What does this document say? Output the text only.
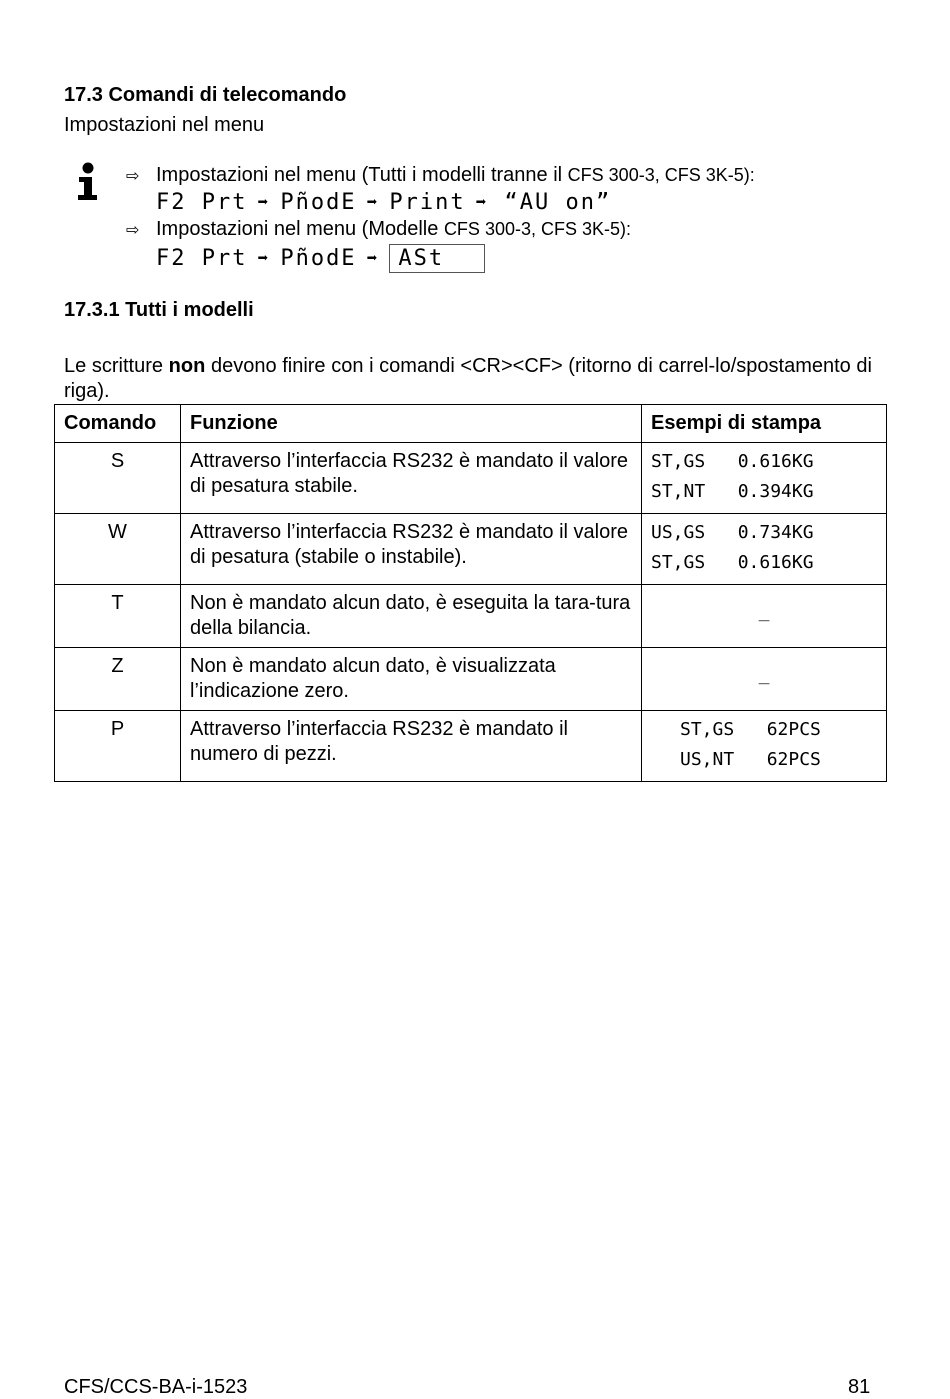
17.3 Comandi di telecomando
Impostazioni nel menu
⇨ Impostazioni nel menu (Tutti i modelli tranne il CFS 300-3, CFS 3K-5):
F2 Prt ➡ PñodE ➡ Print ➡ “AU on”
⇨ Impostazioni nel menu (Modelle CFS 300-3, CFS 3K-5):
F2 Prt ➡ PñodE ➡ ASt
17.3.1 Tutti i modelli
Le scritture non devono finire con i comandi <CR><CF> (ritorno di carrel-lo/spostamento di riga).
Comando	Funzione	Esempi di stampa
S	Attraverso l’interfaccia RS232 è mandato il valore di pesatura stabile.	ST,GS   0.616KG
ST,NT   0.394KG

W	Attraverso l’interfaccia RS232 è mandato il valore di pesatura (stabile o instabile).	US,GS   0.734KG
ST,GS   0.616KG

T	Non è mandato alcun dato, è eseguita la tara-tura della bilancia.	_

Z	Non è mandato alcun dato, è visualizzata l’indicazione zero.	_

P	Attraverso l’interfaccia RS232 è mandato il numero di pezzi.	ST,GS   62PCS
US,NT   62PCS
CFS/CCS-BA-i-1523	81
